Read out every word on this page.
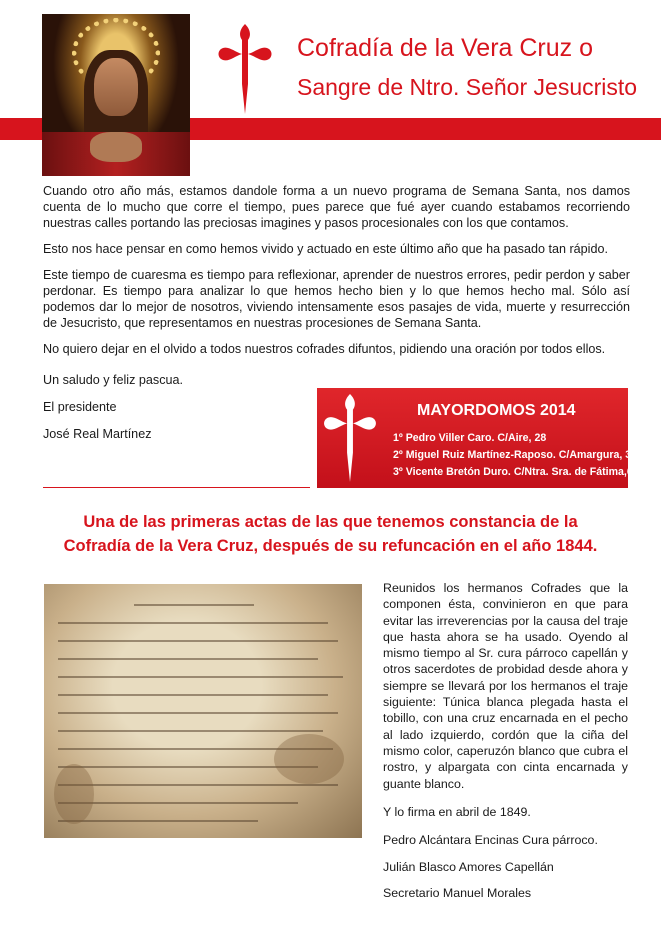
Cofradía de la Vera Cruz o
Sangre de Ntro. Señor Jesucristo

Cuando otro año más, estamos dandole forma a un nuevo programa de Semana Santa, nos damos cuenta de lo mucho que corre el tiempo, pues parece que fué ayer cuando estabamos recorriendo nuestras calles portando las preciosas imagines y pasos procesionales con los que contamos.

Esto nos hace pensar en como hemos vivido y actuado en este último año que ha pasado tan rápido.

Este tiempo de cuaresma es tiempo para reflexionar, aprender de nuestros errores, pedir perdon y saber perdonar. Es tiempo para analizar lo que hemos hecho bien y lo que hemos hecho mal. Sólo así podemos dar lo mejor de nosotros, viviendo intensamente esos pasajes de vida, muerte y resurrección de Jesucristo, que representamos en nuestras procesiones de Semana Santa.

No quiero dejar en el olvido a todos nuestros cofrades difuntos, pidiendo una oración por todos ellos.

Un saludo y feliz pascua.
El presidente
José Real Martínez
MAYORDOMOS 2014
1º Pedro Viller Caro. C/Aire, 28
2º Miguel Ruiz Martínez-Raposo. C/Amargura, 38.
3º Vicente Bretón Duro. C/Ntra. Sra. de Fátima,6.
Una de las primeras actas de las que tenemos constancia de la
Cofradía de la Vera Cruz, después de su refuncación en el año 1844.

Reunidos los hermanos Cofrades que la componen ésta, convinieron en que para evitar las irreverencias por la causa del traje que hasta ahora se ha usado. Oyendo al mismo tiempo al Sr. cura párroco capellán y otros sacerdotes de probidad desde ahora y siempre se llevará por los hermanos el traje siguiente: Túnica blanca plegada hasta el tobillo, con una cruz encarnada en el pecho al lado izquierdo, cordón que la ciña del mismo color, caperuzón blanco que cubra el rostro, y alpargata con cinta encarnada y guante blanco.

Y lo firma en abril de 1849.
Pedro Alcántara Encinas Cura párroco.
Julián Blasco Amores Capellán
Secretario Manuel Morales
